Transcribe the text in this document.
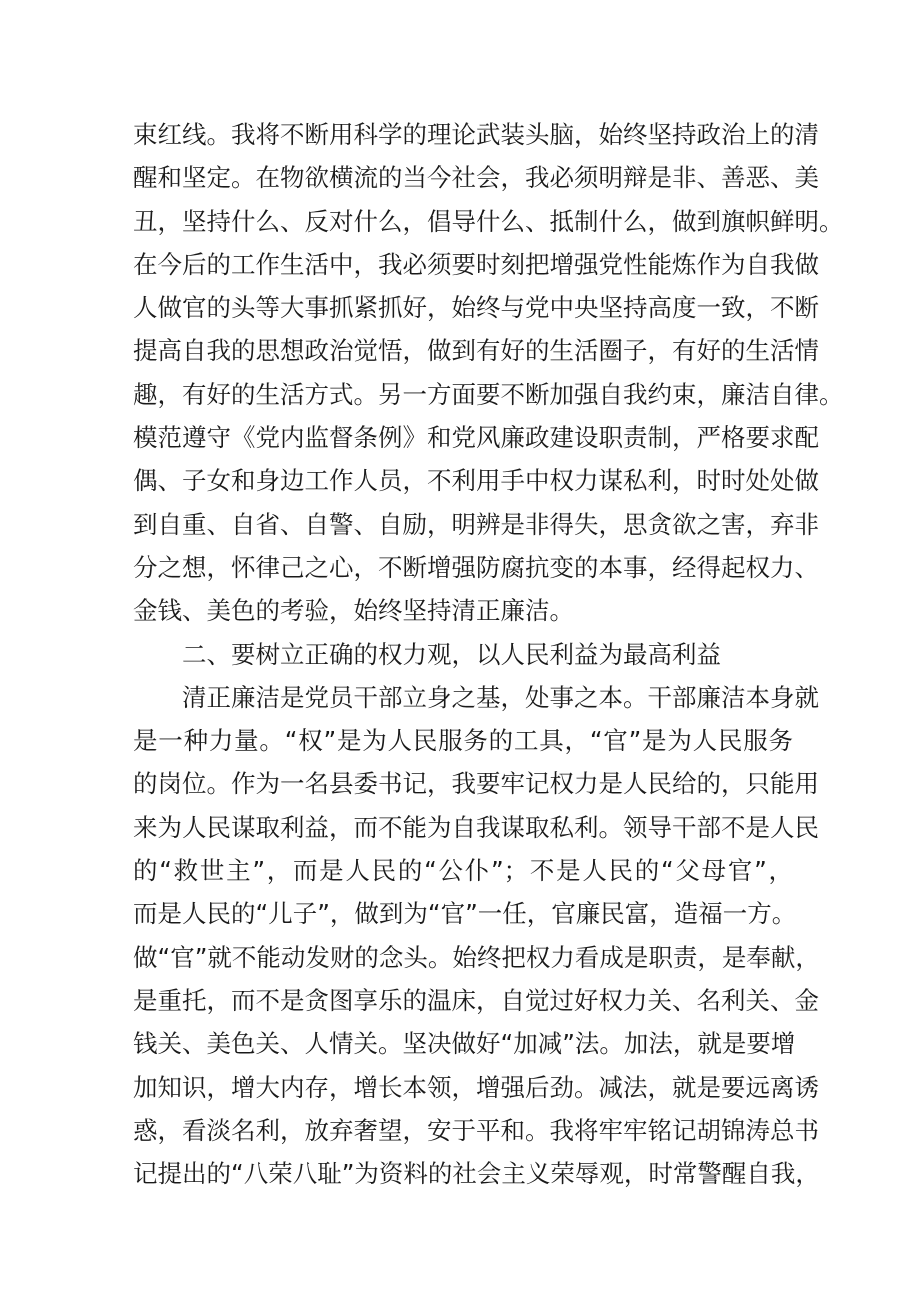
束红线。我将不断用科学的理论武装头脑，始终坚持政治上的清
醒和坚定。在物欲横流的当今社会，我必须明辩是非、善恶、美
丑，坚持什么、反对什么，倡导什么、抵制什么，做到旗帜鲜明。
在今后的工作生活中，我必须要时刻把增强党性能炼作为自我做
人做官的头等大事抓紧抓好，始终与党中央坚持高度一致，不断
提高自我的思想政治觉悟，做到有好的生活圈子，有好的生活情
趣，有好的生活方式。另一方面要不断加强自我约束，廉洁自律。
模范遵守《党内监督条例》和党风廉政建设职责制，严格要求配
偶、子女和身边工作人员，不利用手中权力谋私利，时时处处做
到自重、自省、自警、自励，明辨是非得失，思贪欲之害，弃非
分之想，怀律己之心，不断增强防腐抗变的本事，经得起权力、
金钱、美色的考验，始终坚持清正廉洁。
二、要树立正确的权力观，以人民利益为最高利益
清正廉洁是党员干部立身之基，处事之本。干部廉洁本身就
是一种力量。“权”是为人民服务的工具，“官”是为人民服务
的岗位。作为一名县委书记，我要牢记权力是人民给的，只能用
来为人民谋取利益，而不能为自我谋取私利。领导干部不是人民
的“救世主”，而是人民的“公仆”；不是人民的“父母官”，
而是人民的“儿子”，做到为“官”一任，官廉民富，造福一方。
做“官”就不能动发财的念头。始终把权力看成是职责，是奉献，
是重托，而不是贪图享乐的温床，自觉过好权力关、名利关、金
钱关、美色关、人情关。坚决做好“加减”法。加法，就是要增
加知识，增大内存，增长本领，增强后劲。减法，就是要远离诱
惑，看淡名利，放弃奢望，安于平和。我将牢牢铭记胡锦涛总书
记提出的“八荣八耻”为资料的社会主义荣辱观，时常警醒自我，
